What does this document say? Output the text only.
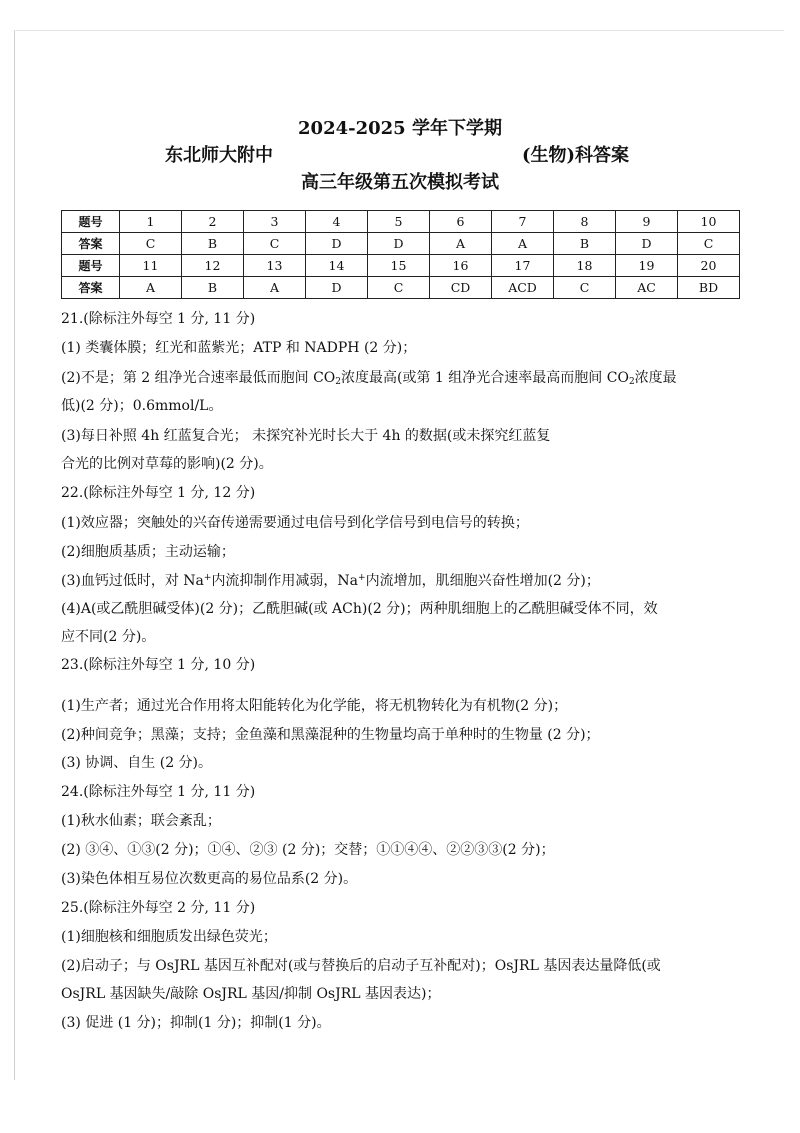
2024-2025 学年下学期
东北师大附中	(生物)科答案
高三年级第五次模拟考试
题号	1	2	3	4	5	6	7	8	9	10
答案	C	B	C	D	D	A	A	B	D	C
题号	11	12	13	14	15	16	17	18	19	20
答案	A	B	A	D	C	CD	ACD	C	AC	BD
21.(除标注外每空 1 分, 11 分)
(1) 类囊体膜；红光和蓝紫光；ATP 和 NADPH (2 分)；
(2)不是；第 2 组净光合速率最低而胞间 $CO_2$浓度最高(或第 1 组净光合速率最高而胞间 $CO_2$浓度最
低)(2 分)；0.6mmol/L。
(3)每日补照 4h 红蓝复合光； 未探究补光时长大于 4h 的数据(或未探究红蓝复
合光的比例对草莓的影响)(2 分)。
22.(除标注外每空 1 分, 12 分)
(1)效应器；突触处的兴奋传递需要通过电信号到化学信号到电信号的转换；
(2)细胞质基质；主动运输；
(3)血钙过低时，对 Na+内流抑制作用减弱，Na+内流增加，肌细胞兴奋性增加(2 分)；
(4)A(或乙酰胆碱受体)(2 分)；乙酰胆碱(或 ACh)(2 分)；两种肌细胞上的乙酰胆碱受体不同，效
应不同(2 分)。
23.(除标注外每空 1 分, 10 分)
(1)生产者；通过光合作用将太阳能转化为化学能，将无机物转化为有机物(2 分)；
(2)种间竞争；黑藻；支持；金鱼藻和黑藻混种的生物量均高于单种时的生物量 (2 分)；
(3) 协调、自生 (2 分)。
24.(除标注外每空 1 分, 11 分)
(1)秋水仙素；联会紊乱；
(2) ③④、①③(2 分)；①④、②③ (2 分)；交替；①①④④、②②③③(2 分)；
(3)染色体相互易位次数更高的易位品系(2 分)。
25.(除标注外每空 2 分, 11 分)
(1)细胞核和细胞质发出绿色荧光；
(2)启动子；与 OsJRL 基因互补配对(或与替换后的启动子互补配对)；OsJRL 基因表达量降低(或
OsJRL 基因缺失/敲除 OsJRL 基因/抑制 OsJRL 基因表达)；
(3) 促进 (1 分)；抑制(1 分)；抑制(1 分)。
